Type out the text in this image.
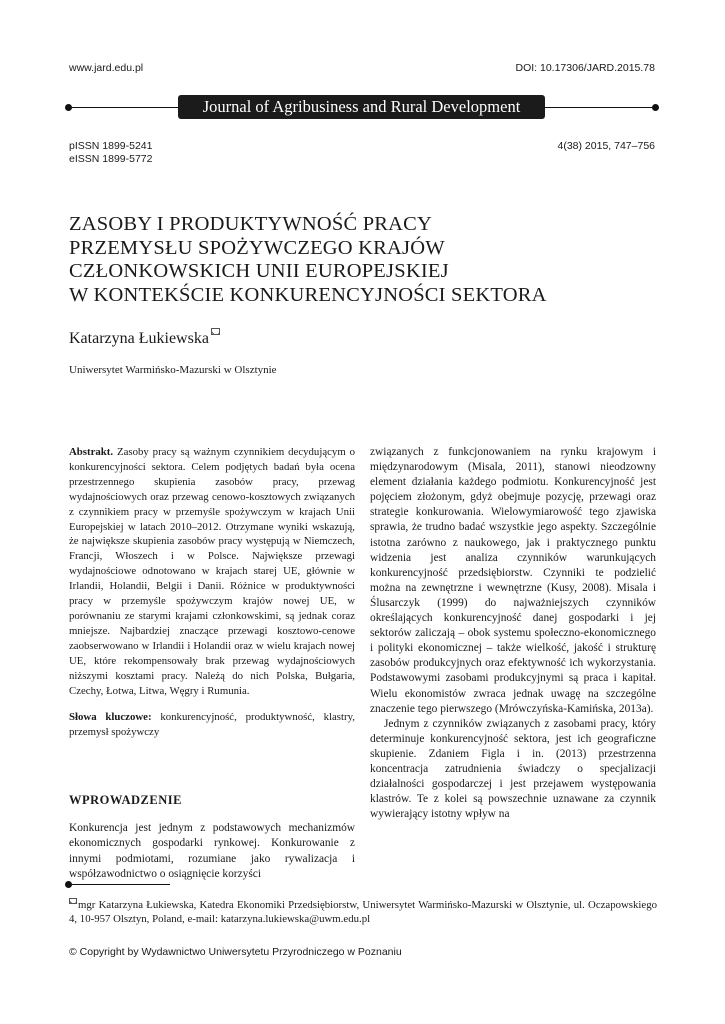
www.jard.edu.pl	DOI: 10.17306/JARD.2015.78
Journal of Agribusiness and Rural Development
pISSN 1899-5241
eISSN 1899-5772
4(38) 2015, 747–756
ZASOBY I PRODUKTYWNOŚĆ PRACY
PRZEMYSŁU SPOŻYWCZEGO KRAJÓW
CZŁONKOWSKICH UNII EUROPEJSKIEJ
W KONTEKŚCIE KONKURENCYJNOŚCI SEKTORA
Katarzyna Łukiewska
Uniwersytet Warmińsko-Mazurski w Olsztynie

Abstrakt. Zasoby pracy są ważnym czynnikiem decydującym o konkurencyjności sektora. Celem podjętych badań była ocena przestrzennego skupienia zasobów pracy, przewag wydajnościowych oraz przewag cenowo-kosztowych związanych z czynnikiem pracy w przemyśle spożywczym w krajach Unii Europejskiej w latach 2010–2012. Otrzymane wyniki wskazują, że największe skupienia zasobów pracy występują w Niemczech, Francji, Włoszech i w Polsce. Największe przewagi wydajnościowe odnotowano w krajach starej UE, głównie w Irlandii, Holandii, Belgii i Danii. Różnice w produktywności pracy w przemyśle spożywczym krajów nowej UE, w porównaniu ze starymi krajami członkowskimi, są jednak coraz mniejsze. Najbardziej znaczące przewagi kosztowo-cenowe zaobserwowano w Irlandii i Holandii oraz w wielu krajach nowej UE, które rekompensowały brak przewag wydajnościowych niższymi kosztami pracy. Należą do nich Polska, Bułgaria, Czechy, Łotwa, Litwa, Węgry i Rumunia.

Słowa kluczowe: konkurencyjność, produktywność, klastry, przemysł spożywczy

WPROWADZENIE

Konkurencja jest jednym z podstawowych mechanizmów ekonomicznych gospodarki rynkowej. Konkurowanie z innymi podmiotami, rozumiane jako rywalizacja i współzawodnictwo o osiągnięcie korzyści

związanych z funkcjonowaniem na rynku krajowym i międzynarodowym (Misala, 2011), stanowi nieodzowny element działania każdego podmiotu. Konkurencyjność jest pojęciem złożonym, gdyż obejmuje pozycję, przewagi oraz strategie konkurowania. Wielowymiarowość tego zjawiska sprawia, że trudno badać wszystkie jego aspekty. Szczególnie istotna zarówno z naukowego, jak i praktycznego punktu widzenia jest analiza czynników warunkujących konkurencyjność przedsiębiorstw. Czynniki te podzielić można na zewnętrzne i wewnętrzne (Kusy, 2008). Misala i Ślusarczyk (1999) do najważniejszych czynników określających konkurencyjność danej gospodarki i jej sektorów zaliczają – obok systemu społeczno-ekonomicznego i polityki ekonomicznej – także wielkość, jakość i strukturę zasobów produkcyjnych oraz efektywność ich wykorzystania. Podstawowymi zasobami produkcyjnymi są praca i kapitał. Wielu ekonomistów zwraca jednak uwagę na szczególne znaczenie tego pierwszego (Mrówczyńska-Kamińska, 2013a).

Jednym z czynników związanych z zasobami pracy, który determinuje konkurencyjność sektora, jest ich geograficzne skupienie. Zdaniem Figla i in. (2013) przestrzenna koncentracja zatrudnienia świadczy o specjalizacji działalności gospodarczej i jest przejawem występowania klastrów. Te z kolei są powszechnie uznawane za czynnik wywierający istotny wpływ na

mgr Katarzyna Łukiewska, Katedra Ekonomiki Przedsiębiorstw, Uniwersytet Warmińsko-Mazurski w Olsztynie, ul. Oczapowskiego 4, 10-957 Olsztyn, Poland, e-mail: katarzyna.lukiewska@uwm.edu.pl
© Copyright by Wydawnictwo Uniwersytetu Przyrodniczego w Poznaniu
